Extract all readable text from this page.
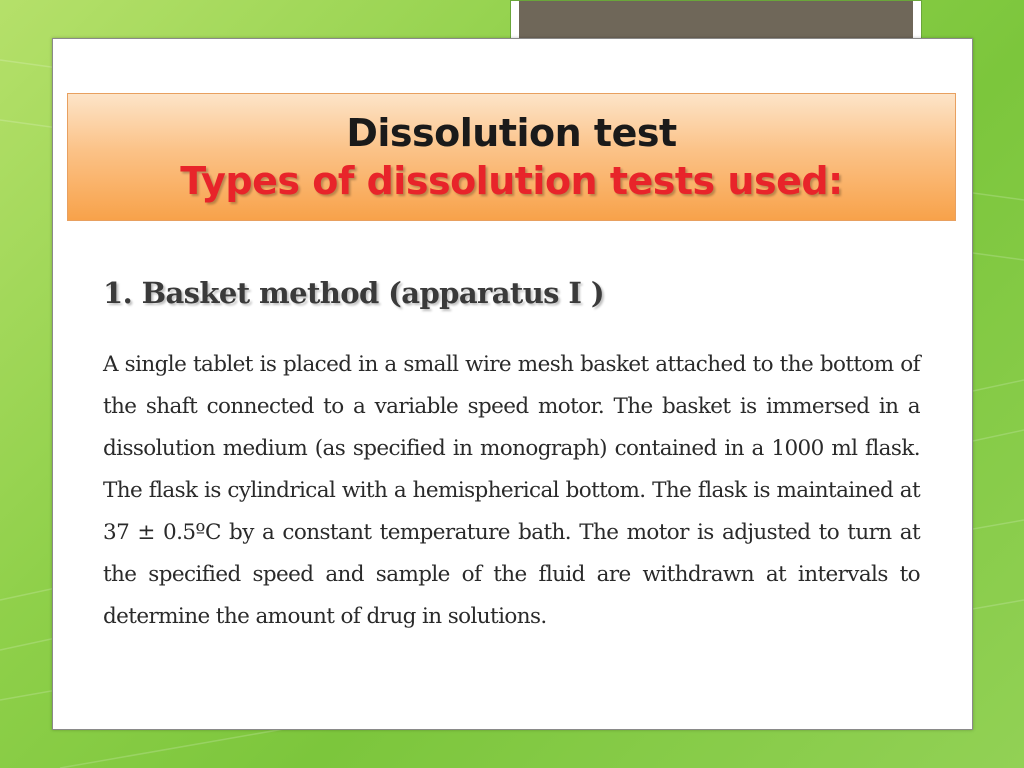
Dissolution test
Types of dissolution tests used:
1. Basket method (apparatus I )
A single tablet is placed in a small wire mesh basket attached to the bottom of the shaft connected to a variable speed motor. The basket is immersed in a dissolution medium (as specified in monograph) contained in a 1000 ml flask. The flask is cylindrical with a hemispherical bottom. The flask is maintained at 37 ± 0.5ºC by a constant temperature bath. The motor is adjusted to turn at the specified speed and sample of the fluid are withdrawn at intervals to determine the amount of drug in solutions.
